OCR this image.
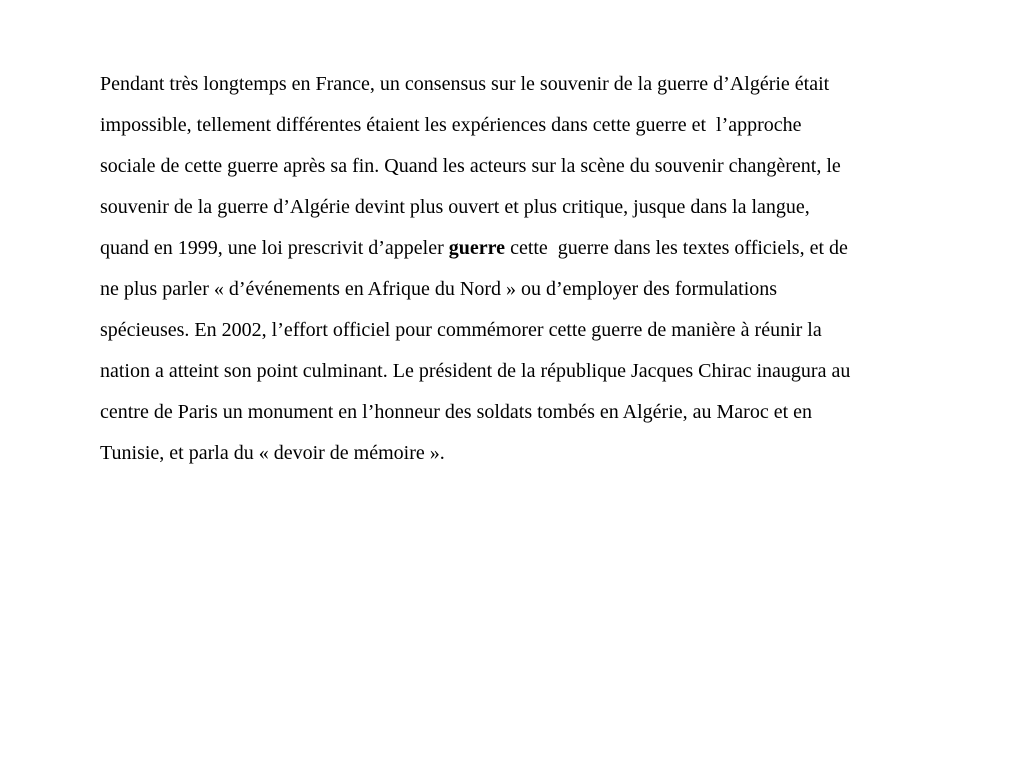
Pendant très longtemps en France, un consensus sur le souvenir de la guerre d’Algérie était
impossible, tellement différentes étaient les expériences dans cette guerre et  l’approche
sociale de cette guerre après sa fin. Quand les acteurs sur la scène du souvenir changèrent, le
souvenir de la guerre d’Algérie devint plus ouvert et plus critique, jusque dans la langue,
quand en 1999, une loi prescrivit d’appeler guerre cette  guerre dans les textes officiels, et de
ne plus parler « d’événements en Afrique du Nord » ou d’employer des formulations
spécieuses. En 2002, l’effort officiel pour commémorer cette guerre de manière à réunir la
nation a atteint son point culminant. Le président de la république Jacques Chirac inaugura au
centre de Paris un monument en l’honneur des soldats tombés en Algérie, au Maroc et en
Tunisie, et parla du « devoir de mémoire ».
